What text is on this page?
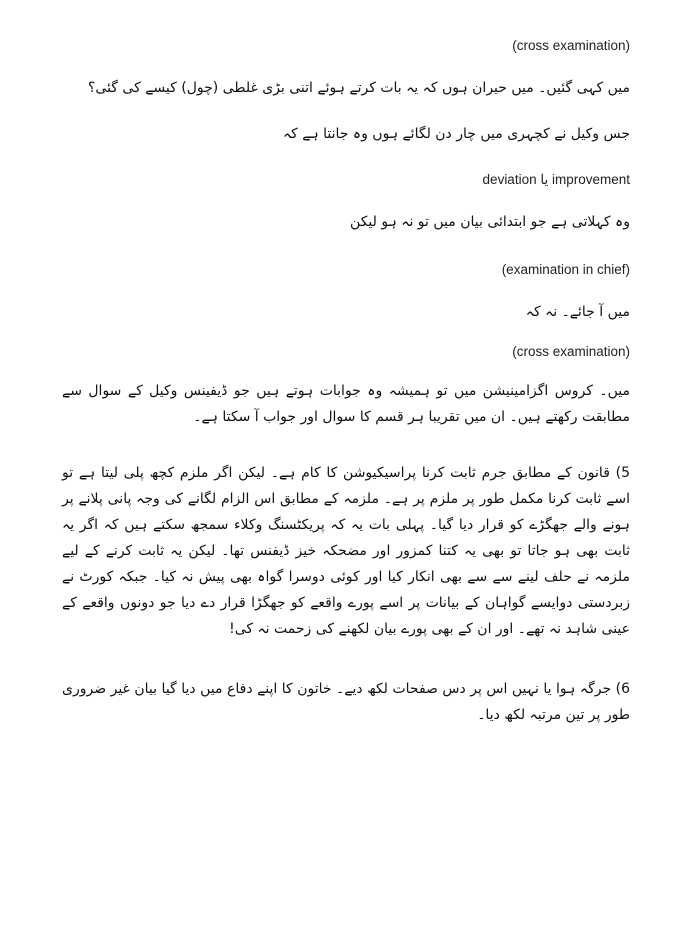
(cross examination)
میں کہی گئیں۔ میں حیران ہوں کہ یہ بات کرتے ہوئے اتنی بڑی غلطی (چول) کیسے کی گئی؟
جس وکیل نے کچہری میں چار دن لگائے ہوں وہ جانتا ہے کہ
deviation یا improvement
وہ کہلاتی ہے جو ابتدائی بیان میں تو نہ ہو لیکن
(examination in chief)
میں آ جائے۔ نہ کہ
(cross examination)
میں۔ کروس اگزامینیشن میں تو ہمیشہ وہ جوابات ہوتے ہیں جو ڈیفینس وکیل کے سوال سے مطابقت رکھتے ہیں۔ ان میں تقریبا ہر قسم کا سوال اور جواب آ سکتا ہے۔
5) قانون کے مطابق جرم ثابت کرنا پراسیکیوشن کا کام ہے۔ لیکن اگر ملزم کچھ پلی لیتا ہے تو اسے ثابت کرنا مکمل طور پر ملزم پر ہے۔ ملزمہ کے مطابق اس الزام لگانے کی وجہ پانی پلانے پر ہونے والے جھگڑے کو قرار دیا گیا۔ پہلی بات یہ کہ پریکٹسنگ وکلاء سمجھ سکتے ہیں کہ اگر یہ ثابت بھی ہو جاتا تو بھی یہ کتنا کمزور اور مضحکہ خیز ڈیفنس تھا۔ لیکن یہ ثابت کرنے کے لیے ملزمہ نے حلف لینے سے سے بھی انکار کیا اور کوئی دوسرا گواہ بھی پیش نہ کیا۔ جبکہ کورٹ نے زبردستی دوایسے گواہان کے بیانات پر اسے پورے واقعے کو جھگڑا قرار دے دیا جو دونوں واقعے کے عینی شاہد نہ تھے۔ اور ان کے بھی پورے بیان لکھنے کی زحمت نہ کی!
6) جرگہ ہوا یا نہیں اس پر دس صفحات لکھ دیے۔ خاتون کا اپنے دفاع میں دیا گیا بیان غیر ضروری طور پر تین مرتبہ لکھ دیا۔
